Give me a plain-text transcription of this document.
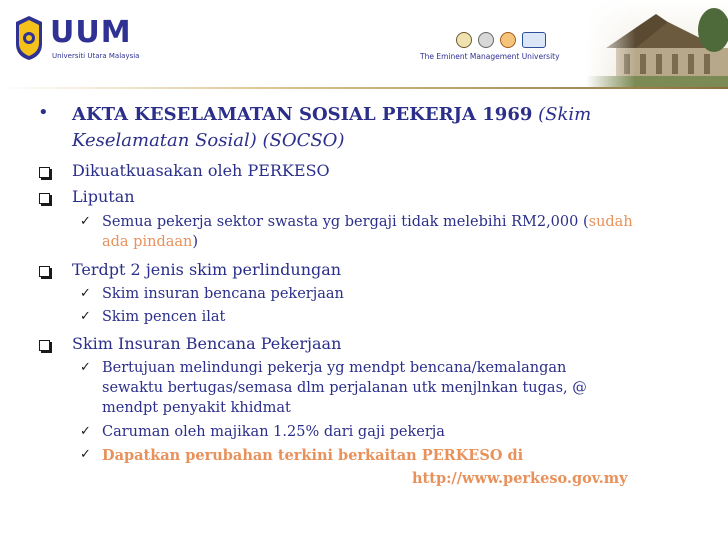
UUM
Universiti Utara Malaysia	The Eminent Management University
• AKTA KESELAMATAN SOSIAL PEKERJA 1969 (Skim
Keselamatan Sosial) (SOCSO)
Dikuatkuasakan oleh PERKESO
Liputan
✓ Semua pekerja sektor swasta yg bergaji tidak melebihi RM2,000 (sudah
ada pindaan)
Terdpt 2 jenis skim perlindungan
✓ Skim insuran bencana pekerjaan
✓ Skim pencen ilat
Skim Insuran Bencana Pekerjaan
✓ Bertujuan melindungi pekerja yg mendpt bencana/kemalangan
sewaktu bertugas/semasa dlm perjalanan utk menjlnkan tugas, @
mendpt penyakit khidmat
✓ Caruman oleh majikan 1.25% dari gaji pekerja
✓ Dapatkan perubahan terkini berkaitan PERKESO di
http://www.perkeso.gov.my
